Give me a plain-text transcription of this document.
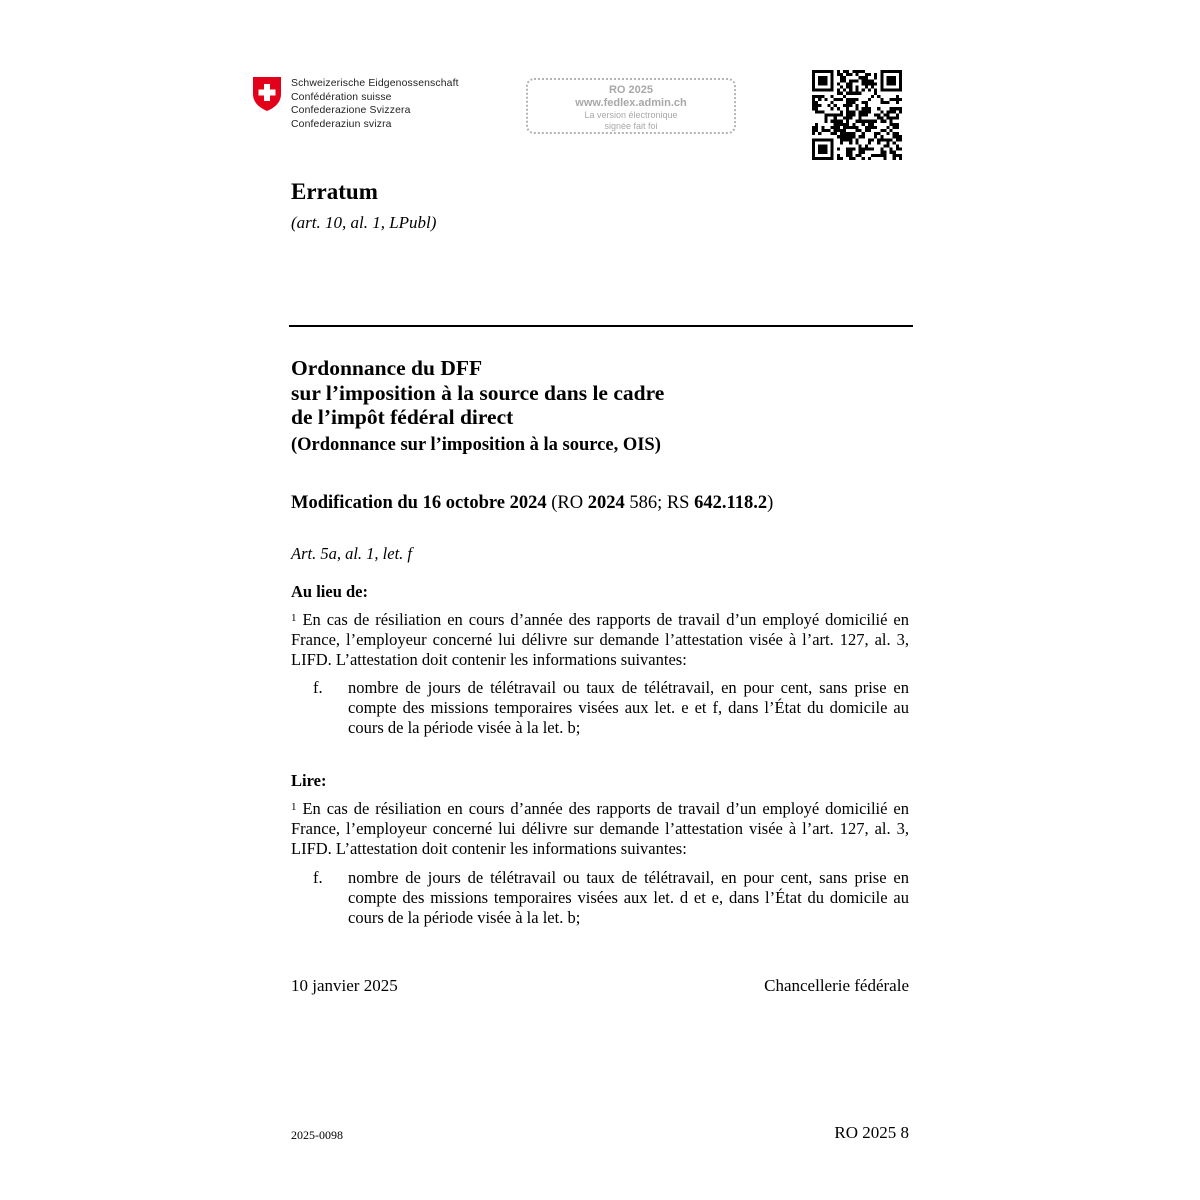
Schweizerische Eidgenossenschaft
Confédération suisse
Confederazione Svizzera
Confederaziun svizra
RO 2025
www.fedlex.admin.ch
La version électronique
signée fait foi
Erratum
(art. 10, al. 1, LPubl)
Ordonnance du DFF
sur l’imposition à la source dans le cadre
de l’impôt fédéral direct
(Ordonnance sur l’imposition à la source, OIS)
Modification du 16 octobre 2024 (RO 2024 586; RS 642.118.2)
Art. 5a, al. 1, let. f
Au lieu de:
$^1$ En cas de résiliation en cours d’année des rapports de travail d’un employé domicilié en France, l’employeur concerné lui délivre sur demande l’attestation visée à l’art. 127, al. 3, LIFD. L’attestation doit contenir les informations suivantes:
f. nombre de jours de télétravail ou taux de télétravail, en pour cent, sans prise en compte des missions temporaires visées aux let. e et f, dans l’État du domicile au cours de la période visée à la let. b;
Lire:
$^1$ En cas de résiliation en cours d’année des rapports de travail d’un employé domicilié en France, l’employeur concerné lui délivre sur demande l’attestation visée à l’art. 127, al. 3, LIFD. L’attestation doit contenir les informations suivantes:
f. nombre de jours de télétravail ou taux de télétravail, en pour cent, sans prise en compte des missions temporaires visées aux let. d et e, dans l’État du domicile au cours de la période visée à la let. b;
10 janvier 2025	Chancellerie fédérale
2025-0098	RO 2025 8
